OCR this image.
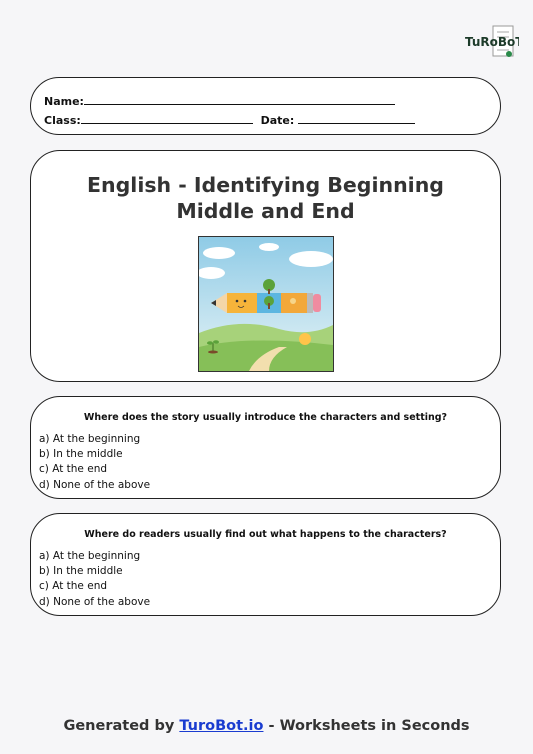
TuRoBoT
Name:
Class:	Date:
English - Identifying Beginning
Middle and End
Where does the story usually introduce the characters and setting?
a) At the beginning
b) In the middle
c) At the end
d) None of the above
Where do readers usually find out what happens to the characters?
a) At the beginning
b) In the middle
c) At the end
d) None of the above
Generated by TuroBot.io - Worksheets in Seconds
